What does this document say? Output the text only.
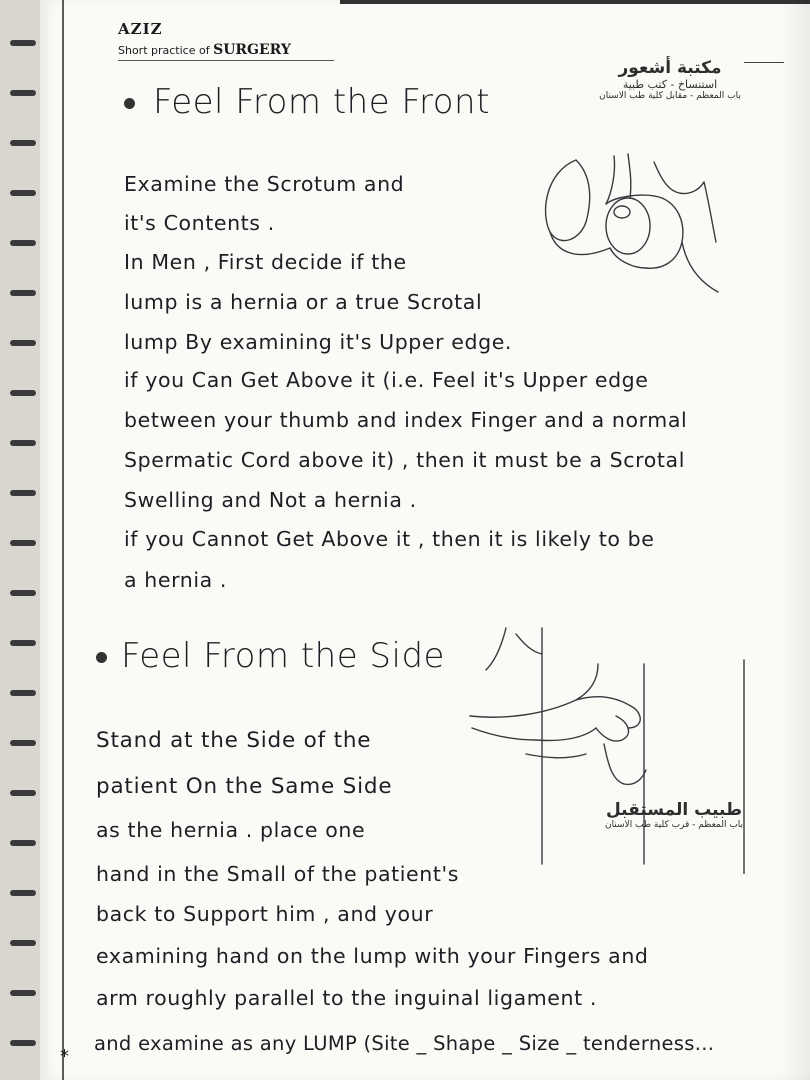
AZIZ
Short practice of SURGERY
مكتبة أشعور
استنساخ - كتب طبية
باب المعظم - مقابل كلية طب الاسنان
Feel From the Front
Examine the Scrotum and
it's Contents .
In Men , First decide if the
lump is a hernia or a true Scrotal
lump By examining it's Upper edge.
if you Can Get Above it (i.e. Feel it's Upper edge
between your thumb and index Finger and a normal
Spermatic Cord above it) , then it must be a Scrotal
Swelling and Not a hernia .
if you Cannot Get Above it , then it is likely to be
a hernia .
Feel From the Side
طبيب المستقبل
باب المعظم - قرب كلية طب الاسنان
Stand at the Side of the
patient On the Same Side
as the hernia . place one
hand in the Small of the patient's
back to Support him , and your
examining hand on the lump with your Fingers and
arm roughly parallel to the inguinal ligament .
*
and examine as any LUMP (Site _ Shape _ Size _ tenderness...
